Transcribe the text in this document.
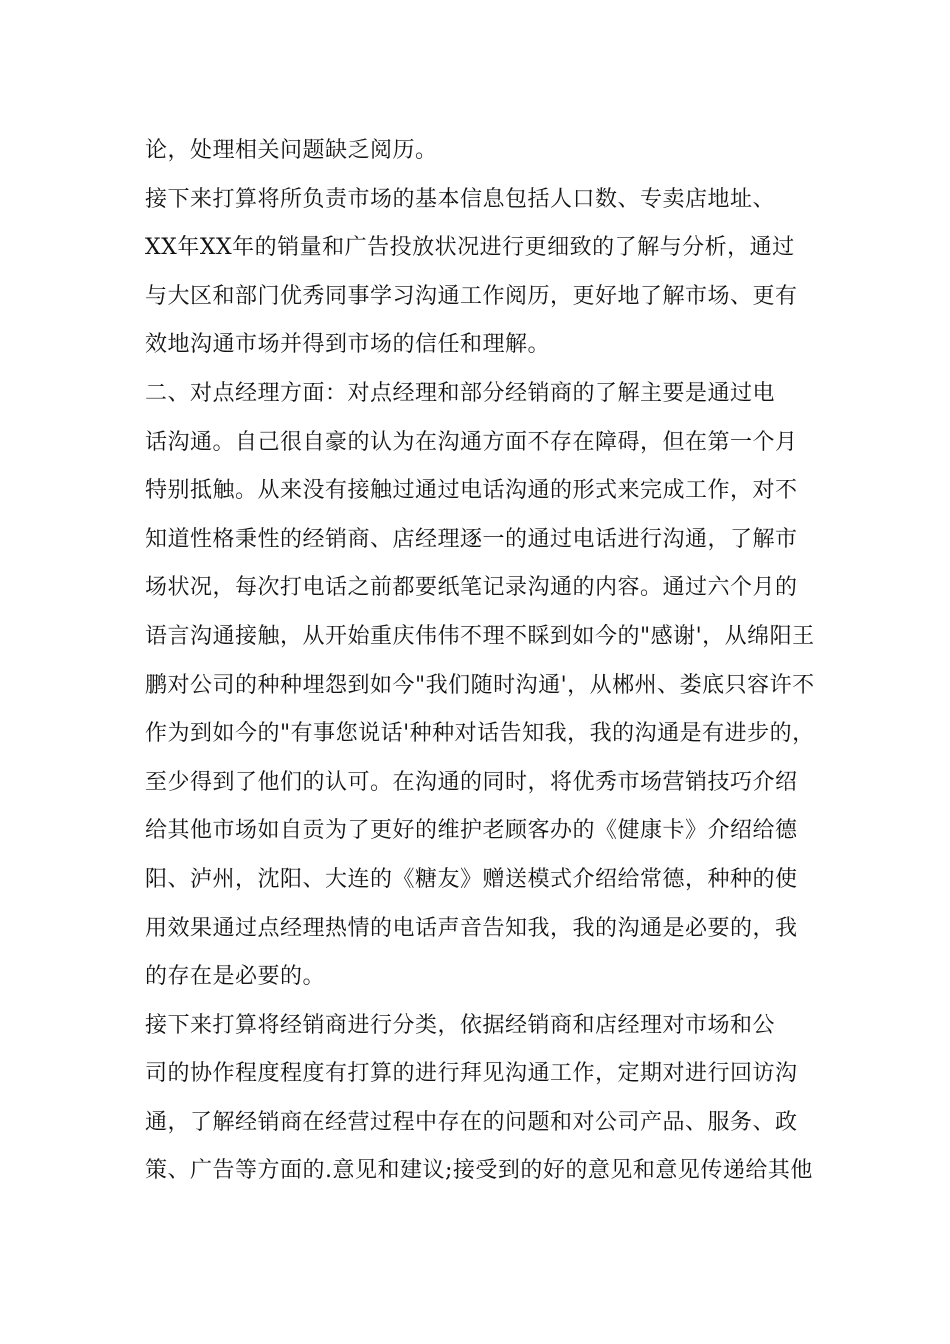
论，处理相关问题缺乏阅历。
接下来打算将所负责市场的基本信息包括人口数、专卖店地址、
XX年XX年的销量和广告投放状况进行更细致的了解与分析，通过
与大区和部门优秀同事学习沟通工作阅历，更好地了解市场、更有
效地沟通市场并得到市场的信任和理解。
二、对点经理方面：对点经理和部分经销商的了解主要是通过电
话沟通。自己很自豪的认为在沟通方面不存在障碍，但在第一个月
特别抵触。从来没有接触过通过电话沟通的形式来完成工作，对不
知道性格秉性的经销商、店经理逐一的通过电话进行沟通，了解市
场状况，每次打电话之前都要纸笔记录沟通的内容。通过六个月的
语言沟通接触，从开始重庆伟伟不理不睬到如今的"感谢'，从绵阳王
鹏对公司的种种埋怨到如今"我们随时沟通'，从郴州、娄底只容许不
作为到如今的"有事您说话'种种对话告知我，我的沟通是有进步的，
至少得到了他们的认可。在沟通的同时，将优秀市场营销技巧介绍
给其他市场如自贡为了更好的维护老顾客办的《健康卡》介绍给德
阳、泸州，沈阳、大连的《糖友》赠送模式介绍给常德，种种的使
用效果通过点经理热情的电话声音告知我，我的沟通是必要的，我
的存在是必要的。
接下来打算将经销商进行分类，依据经销商和店经理对市场和公
司的协作程度程度有打算的进行拜见沟通工作，定期对进行回访沟
通，了解经销商在经营过程中存在的问题和对公司产品、服务、政
策、广告等方面的.意见和建议;接受到的好的意见和意见传递给其他
